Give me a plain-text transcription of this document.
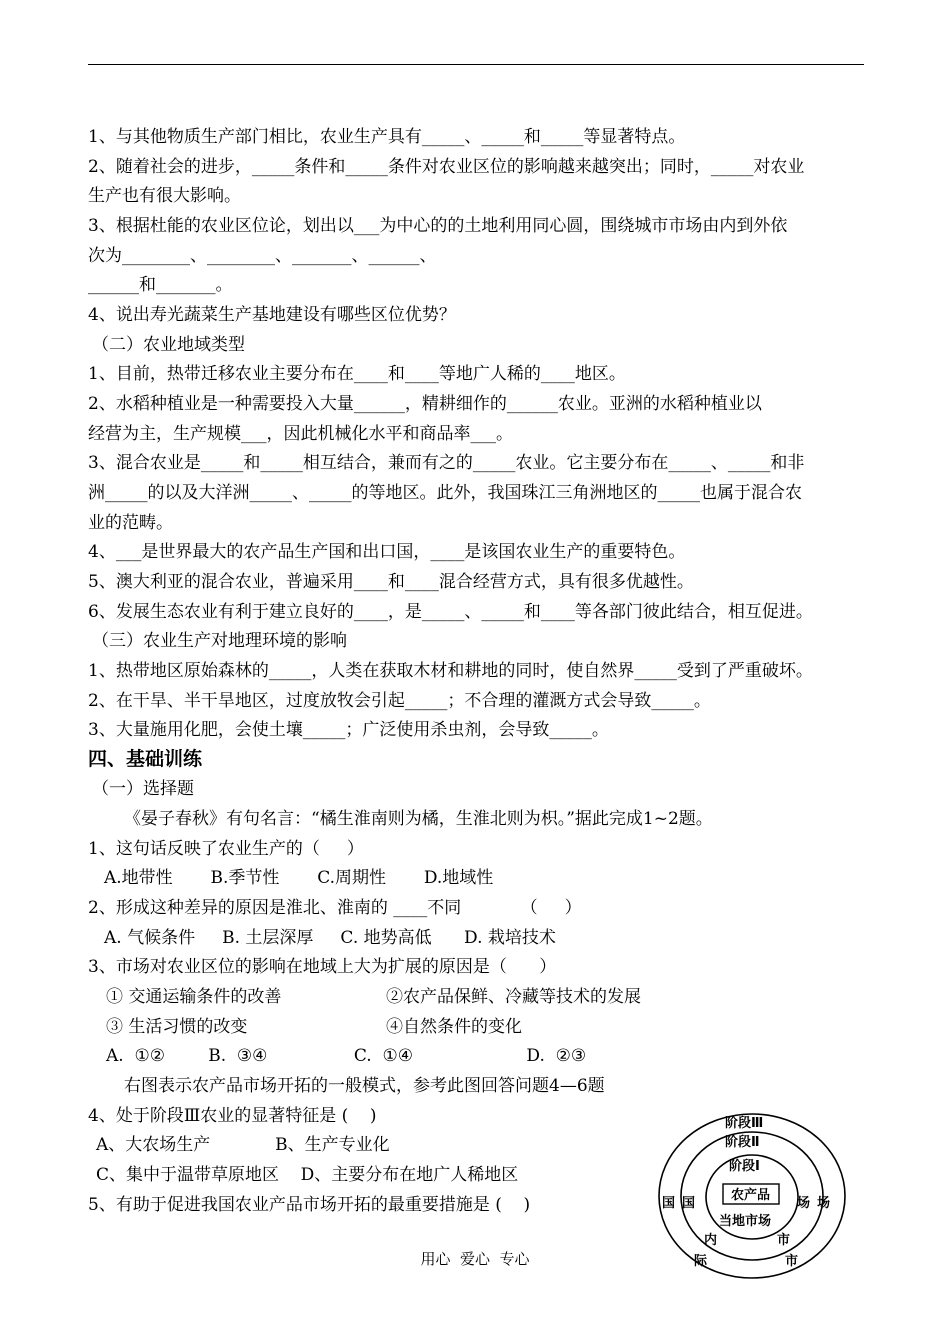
1、与其他物质生产部门相比，农业生产具有_____、_____和_____等显著特点。
2、随着社会的进步，_____条件和_____条件对农业区位的影响越来越突出；同时，_____对农业
生产也有很大影响。
3、根据杜能的农业区位论，划出以___为中心的的土地利用同心圆，围绕城市市场由内到外依
次为________、________、_______、______、
______和_______。
4、说出寿光蔬菜生产基地建设有哪些区位优势？
（二）农业地域类型
1、目前，热带迁移农业主要分布在____和____等地广人稀的____地区。
2、水稻种植业是一种需要投入大量______，精耕细作的______农业。亚洲的水稻种植业以
经营为主，生产规模___，因此机械化水平和商品率___。
3、混合农业是_____和_____相互结合，兼而有之的_____农业。它主要分布在_____、_____和非
洲_____的以及大洋洲_____、_____的等地区。此外，我国珠江三角洲地区的_____也属于混合农
业的范畴。
4、___是世界最大的农产品生产国和出口国，____是该国农业生产的重要特色。
5、澳大利亚的混合农业，普遍采用____和____混合经营方式，具有很多优越性。
6、发展生态农业有利于建立良好的____，是_____、_____和____等各部门彼此结合，相互促进。
（三）农业生产对地理环境的影响
1、热带地区原始森林的_____，人类在获取木材和耕地的同时，使自然界_____受到了严重破坏。
2、在干旱、半干旱地区，过度放牧会引起_____；不合理的灌溉方式会导致_____。
3、大量施用化肥，会使土壤_____；广泛使用杀虫剂，会导致_____。
四、基础训练
（一）选择题
《晏子春秋》有句名言：“橘生淮南则为橘，生淮北则为枳。”据此完成1~2题。
1、这句话反映了农业生产的（     ）
A.地带性       B.季节性       C.周期性       D.地域性
2、形成这种差异的原因是淮北、淮南的 ____不同           （     ）
A. 气候条件     B. 土层深厚     C. 地势高低      D. 栽培技术
3、市场对农业区位的影响在地域上大为扩展的原因是（      ）
① 交通运输条件的改善	②农产品保鲜、冷藏等技术的发展
③ 生活习惯的改变	④自然条件的变化
A.  ①②        B.  ③④                C.  ①④                     D.  ②③
右图表示农产品市场开拓的一般模式，参考此图回答问题4—6题
4、处于阶段Ⅲ农业的显著特征是 (    )
A、大农场生产            B、生产专业化
C、集中于温带草原地区    D、主要分布在地广人稀地区
5、有助于促进我国农业产品市场开拓的最重要措施是 (    )
阶段Ⅲ
阶段Ⅱ
阶段Ⅰ
农产品
当地市场
国 国
内
际
场 场
市
市
用心  爱心  专心
